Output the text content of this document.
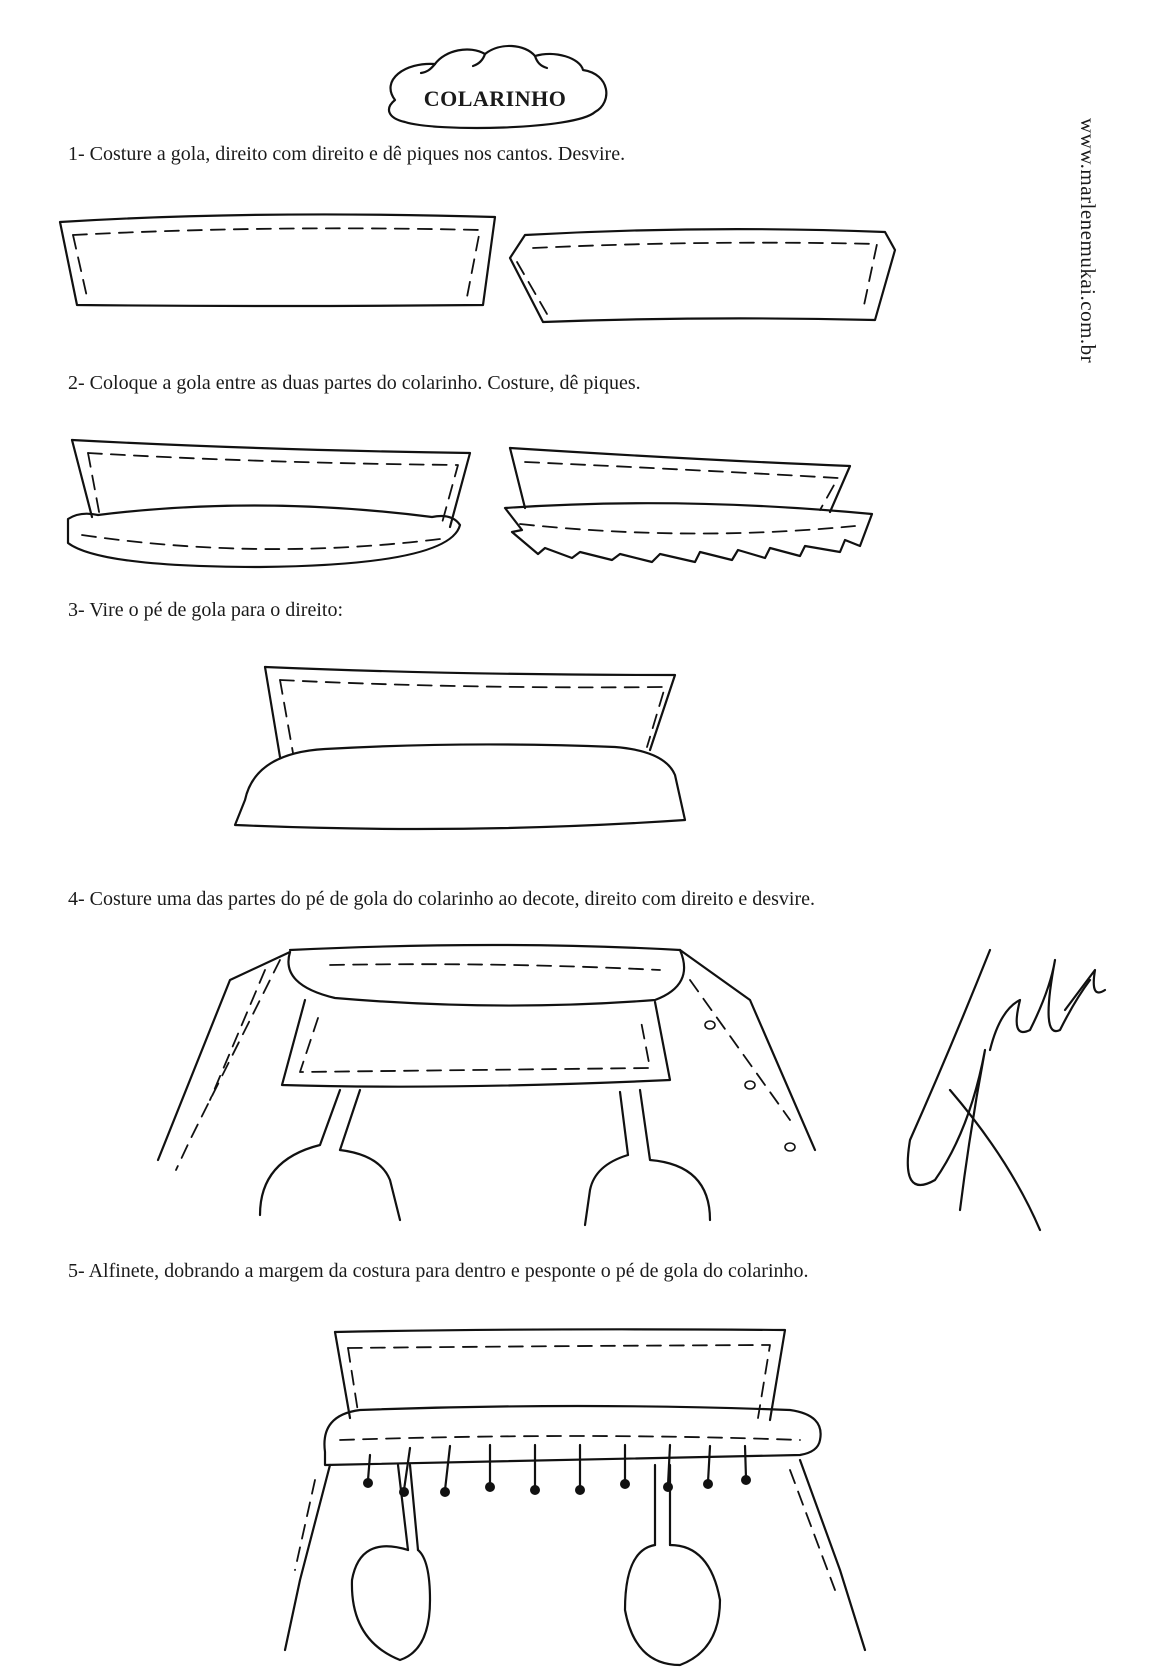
COLARINHO
www.marlenemukai.com.br
1- Costure a gola, direito com direito e dê piques nos cantos. Desvire.
2- Coloque a gola entre as duas partes do colarinho. Costure, dê piques.
3- Vire o pé de gola para o direito:
4- Costure uma das partes do pé de gola do colarinho ao decote, direito com direito e desvire.
5- Alfinete, dobrando a margem da costura para dentro e pesponte o pé de gola do colarinho.
